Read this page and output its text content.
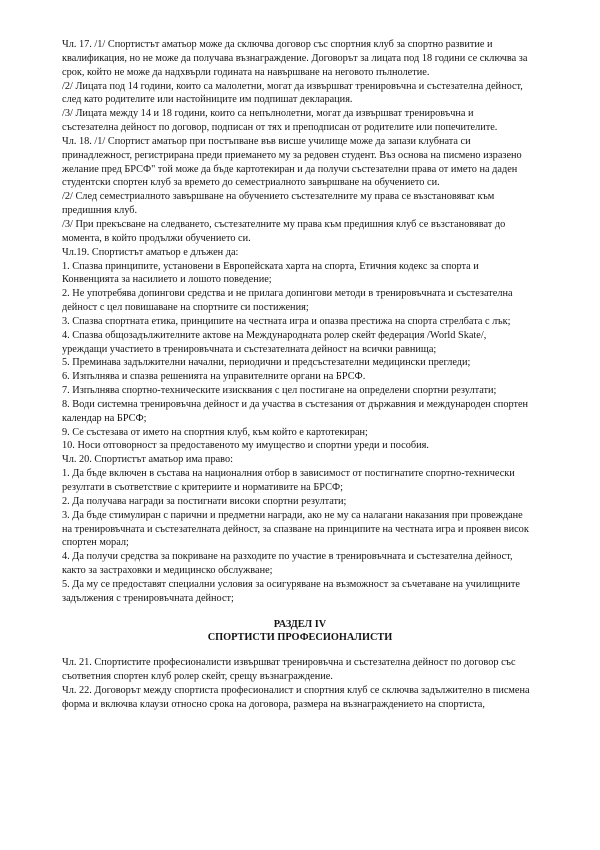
Чл. 17. /1/ Спортистът аматьор може да сключва договор със спортния клуб за спортно развитие и
квалификация, но не може да получава възнаграждение. Договорът за лицата под 18 години се сключва за
срок, който не може да надхвърли годината на навършване на неговото пълнолетие.
/2/ Лицата под 14 години, които са малолетни, могат да извършват тренировъчна и състезателна дейност,
след като родителите или настойниците им подпишат декларация.
/3/ Лицата между 14 и 18 години, които са непълнолетни, могат да извършват тренировъчна и
състезателна дейност по договор, подписан от тях и преподписан от родителите или попечителите.
Чл. 18. /1/ Спортист аматьор при постъпване във висше училище може да запази клубната си
принадлежност, регистрирана преди приемането му за редовен студент. Въз основа на писмено изразено
желание пред БРСФ" той може да бъде картотекиран и да получи състезателни права от името на даден
студентски спортен клуб за времето до семестриалното завършване на обучението си.
/2/ След семестриалното завършване на обучението състезателните му права се възстановяват към
предишния клуб.
/3/ При прекъсване на следването, състезателните му права към предишния клуб се възстановяват до
момента, в който продължи обучението си.
Чл.19. Спортистът аматьор е длъжен да:
1. Спазва принципите, установени в Европейската харта на спорта, Етичния кодекс за спорта и
Конвенцията за насилието и лошото поведение;
2. Не употребява допингови средства и не прилага допингови методи в тренировъчната и състезателна
дейност с цел повишаване на спортните си постижения;
3. Спазва спортната етика, принципите на честната игра и опазва престижа на спорта стрелбата с лък;
4. Спазва общозадължителните актове на Международната ролер скейт федерация /World Skate/,
уреждащи участието в тренировъчната и състезателната дейност на всички равнища;
5. Преминава задължителни начални, периодични и предсъстезателни медицински прегледи;
6. Изпълнява и спазва решенията на управителните органи на БРСФ.
7. Изпълнява спортно-техническите изисквания с цел постигане на определени спортни резултати;
8. Води системна тренировъчна дейност и да участва в състезания от държавния и международен спортен
календар на БРСФ;
9. Се състезава от името на спортния клуб, към който е картотекиран;
10. Носи отговорност за предоставеното му имущество и спортни уреди и пособия.
Чл. 20. Спортистът аматьор има право:
1. Да бъде включен в състава на националния отбор в зависимост от постигнатите спортно-технически
резултати в съответствие с критериите и нормативите на БРСФ;
2. Да получава награди за постигнати високи спортни резултати;
3. Да бъде стимулиран с парични и предметни награди, ако не му са налагани наказания при провеждане
на тренировъчната и състезателната дейност, за спазване на принципите на честната игра и проявен висок
спортен морал;
4. Да получи средства за покриване на разходите по участие в тренировъчната и състезателна дейност,
както за застраховки и медицинско обслужване;
5. Да му се предоставят специални условия за осигуряване на възможност за съчетаване на училищните
задължения с тренировъчната дейност;
РАЗДЕЛ IV
СПОРТИСТИ ПРОФЕСИОНАЛИСТИ
Чл. 21. Спортистите професионалисти извършват тренировъчна и състезателна дейност по договор със
съответния спортен клуб ролер скейт, срещу възнаграждение.
Чл. 22. Договорът между спортиста професионалист и спортния клуб се сключва задължително в писмена
форма и включва клаузи относно срока на договора, размера на възнаграждението на спортиста,
